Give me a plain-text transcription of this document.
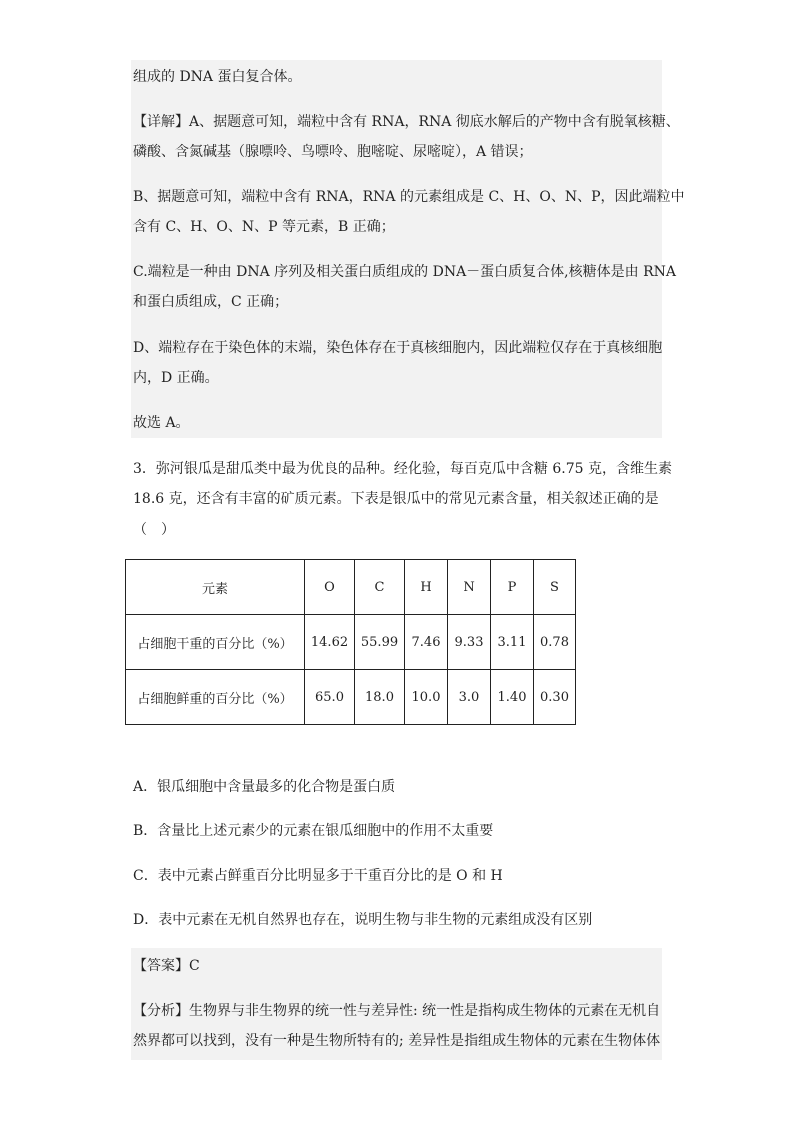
组成的 DNA 蛋白复合体。
【详解】A、据题意可知，端粒中含有 RNA，RNA 彻底水解后的产物中含有脱氧核糖、
磷酸、含氮碱基（腺嘌呤、鸟嘌呤、胞嘧啶、尿嘧啶），A 错误；
B、据题意可知，端粒中含有 RNA，RNA 的元素组成是 C、H、O、N、P，因此端粒中
含有 C、H、O、N、P 等元素，B 正确；
C.端粒是一种由 DNA 序列及相关蛋白质组成的 DNA－蛋白质复合体,核糖体是由 RNA
和蛋白质组成，C 正确；
D、端粒存在于染色体的末端，染色体存在于真核细胞内，因此端粒仅存在于真核细胞
内，D 正确。
故选 A。
3．弥河银瓜是甜瓜类中最为优良的品种。经化验，每百克瓜中含糖 6.75 克，含维生素
18.6 克，还含有丰富的矿质元素。下表是银瓜中的常见元素含量，相关叙述正确的是
（　）
元素	O	C	H	N	P	S
占细胞干重的百分比（%）	14.62	55.99	7.46	9.33	3.11	0.78
占细胞鲜重的百分比（%）	65.0	18.0	10.0	3.0	1.40	0.30
A．银瓜细胞中含量最多的化合物是蛋白质
B．含量比上述元素少的元素在银瓜细胞中的作用不太重要
C．表中元素占鲜重百分比明显多于干重百分比的是 O 和 H
D．表中元素在无机自然界也存在，说明生物与非生物的元素组成没有区别
【答案】C
【分析】生物界与非生物界的统一性与差异性: 统一性是指构成生物体的元素在无机自
然界都可以找到，没有一种是生物所特有的; 差异性是指组成生物体的元素在生物体体
